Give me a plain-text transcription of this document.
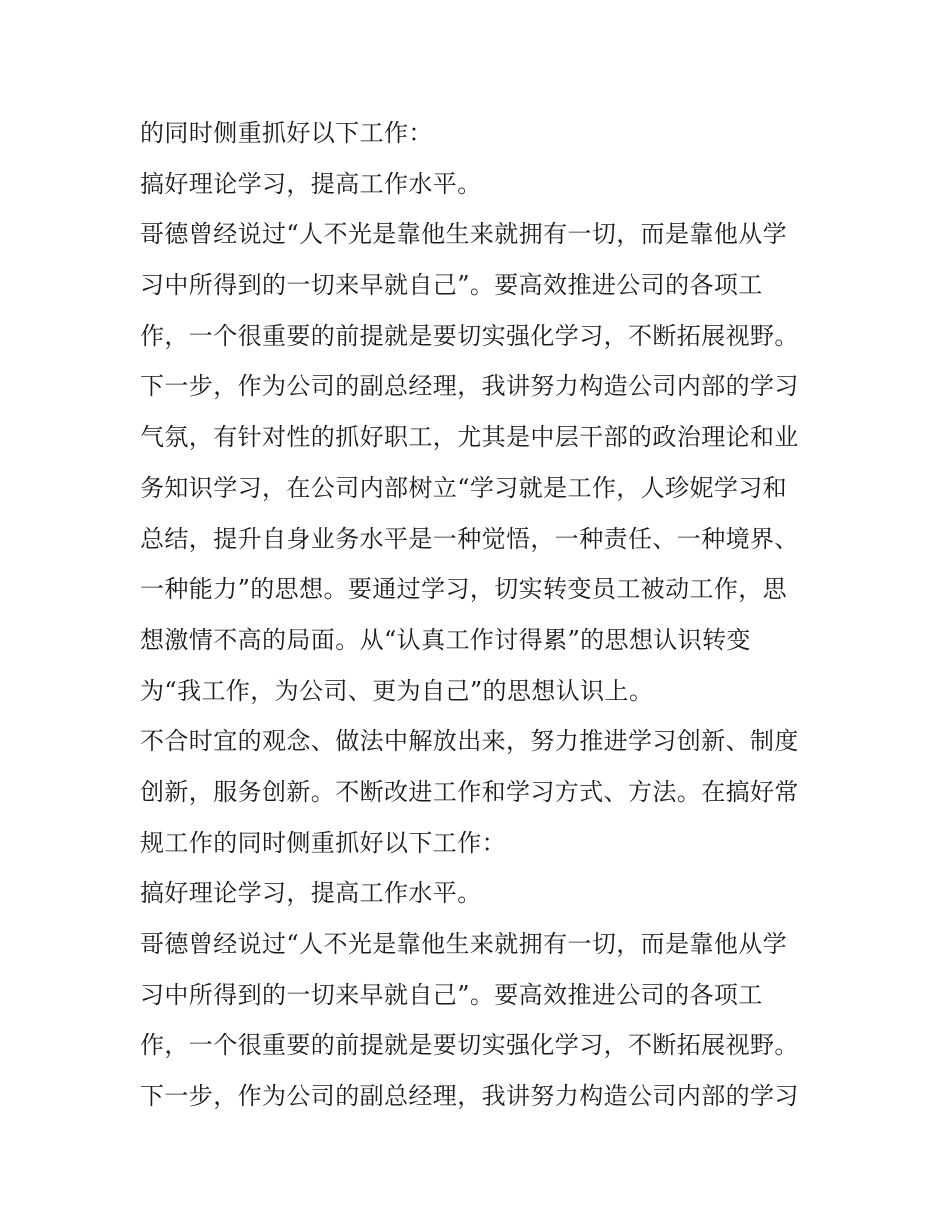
的同时侧重抓好以下工作：
搞好理论学习，提高工作水平。
哥德曾经说过“人不光是靠他生来就拥有一切，而是靠他从学
习中所得到的一切来早就自己”。要高效推进公司的各项工
作，一个很重要的前提就是要切实强化学习，不断拓展视野。
下一步，作为公司的副总经理，我讲努力构造公司内部的学习
气氛，有针对性的抓好职工，尤其是中层干部的政治理论和业
务知识学习，在公司内部树立“学习就是工作，人珍妮学习和
总结，提升自身业务水平是一种觉悟，一种责任、一种境界、
一种能力”的思想。要通过学习，切实转变员工被动工作，思
想激情不高的局面。从“认真工作讨得累”的思想认识转变
为“我工作，为公司、更为自己”的思想认识上。
不合时宜的观念、做法中解放出来，努力推进学习创新、制度
创新，服务创新。不断改进工作和学习方式、方法。在搞好常
规工作的同时侧重抓好以下工作：
搞好理论学习，提高工作水平。
哥德曾经说过“人不光是靠他生来就拥有一切，而是靠他从学
习中所得到的一切来早就自己”。要高效推进公司的各项工
作，一个很重要的前提就是要切实强化学习，不断拓展视野。
下一步，作为公司的副总经理，我讲努力构造公司内部的学习
